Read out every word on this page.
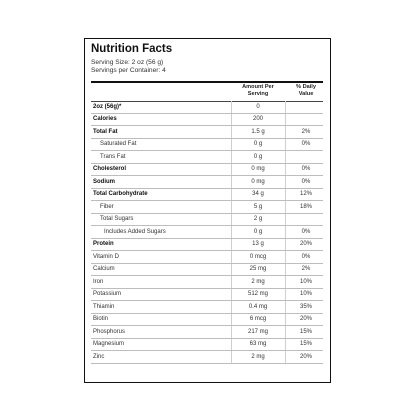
Nutrition Facts
Serving Size: 2 oz (56 g)
Servings per Container: 4
Amount Per Serving
% Daily Value
2oz (56g)*	0
Calories	200
Total Fat	1.5 g	2%
Saturated Fat	0 g	0%
Trans Fat	0 g
Cholesterol	0 mg	0%
Sodium	0 mg	0%
Total Carbohydrate	34 g	12%
Fiber	5 g	18%
Total Sugars	2 g
Includes Added Sugars	0 g	0%
Protein	13 g	20%
Vitamin D	0 mcg	0%
Calcium	25 mg	2%
Iron	2 mg	10%
Potassium	512 mg	10%
Thiamin	0.4 mg	35%
Biotin	6 mcg	20%
Phosphorus	217 mg	15%
Magnesium	63 mg	15%
Zinc	2 mg	20%
